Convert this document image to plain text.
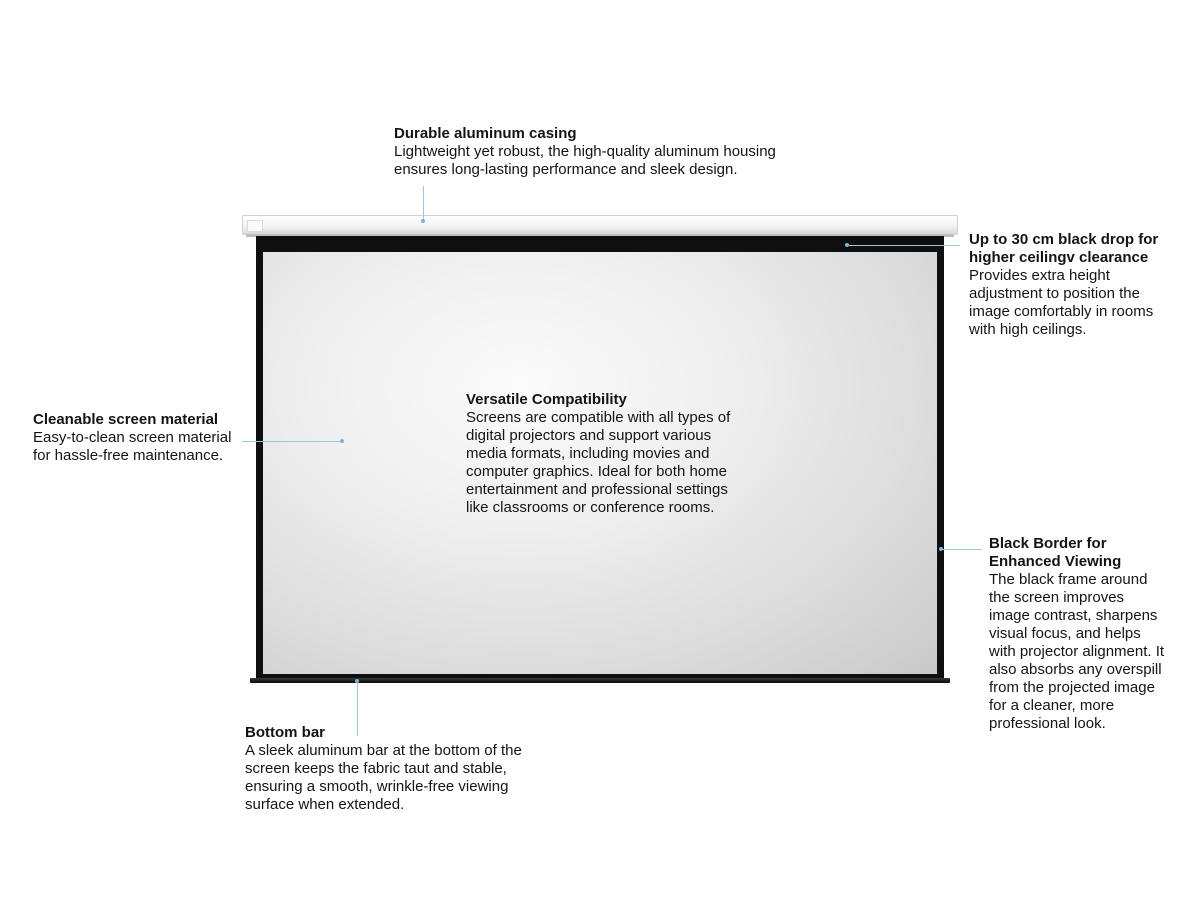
Durable aluminum casing
Lightweight yet robust, the high-quality aluminum housing
ensures long-lasting performance and sleek design.
Up to 30 cm black drop for
higher ceilingv clearance
Provides extra height
adjustment to position the
image comfortably in rooms
with high ceilings.
Cleanable screen material
Easy-to-clean screen material
for hassle-free maintenance.
Versatile Compatibility
Screens are compatible with all types of
digital projectors and support various
media formats, including movies and
computer graphics. Ideal for both home
entertainment and professional settings
like classrooms or conference rooms.
Black Border for
Enhanced Viewing
The black frame around
the screen improves
image contrast, sharpens
visual focus, and helps
with projector alignment. It
also absorbs any overspill
from the projected image
for a cleaner, more
professional look.
Bottom bar
A sleek aluminum bar at the bottom of the
screen keeps the fabric taut and stable,
ensuring a smooth, wrinkle-free viewing
surface when extended.
